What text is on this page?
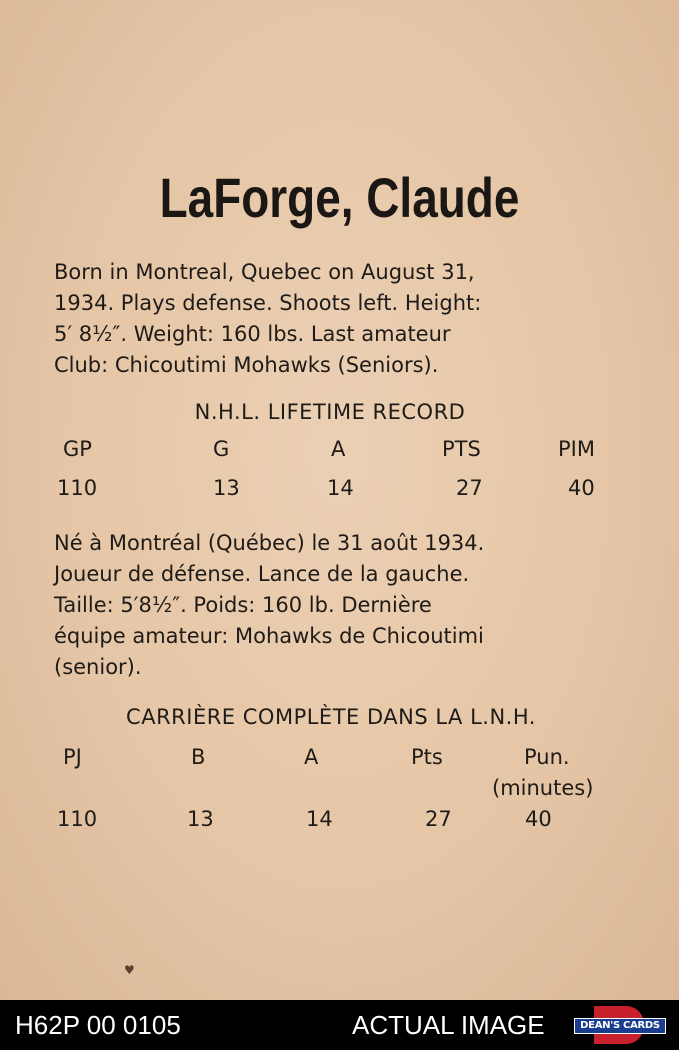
LaForge, Claude
Born in Montreal, Quebec on August 31,
1934. Plays defense. Shoots left. Height:
5′ 8½″. Weight: 160 lbs. Last amateur
Club: Chicoutimi Mohawks (Seniors).
N.H.L. LIFETIME RECORD
GP	G	A	PTS	PIM
110	13	14	27	40
Né à Montréal (Québec) le 31 août 1934.
Joueur de défense. Lance de la gauche.
Taille: 5′8½″. Poids: 160 lb. Dernière
équipe amateur: Mohawks de Chicoutimi
(senior).
CARRIÈRE COMPLÈTE DANS LA L.N.H.
PJ	B	A	Pts	Pun.
(minutes)
110	13	14	27	40
♥
H62P 00 0105	ACTUAL IMAGE	DEAN'S CARDS
